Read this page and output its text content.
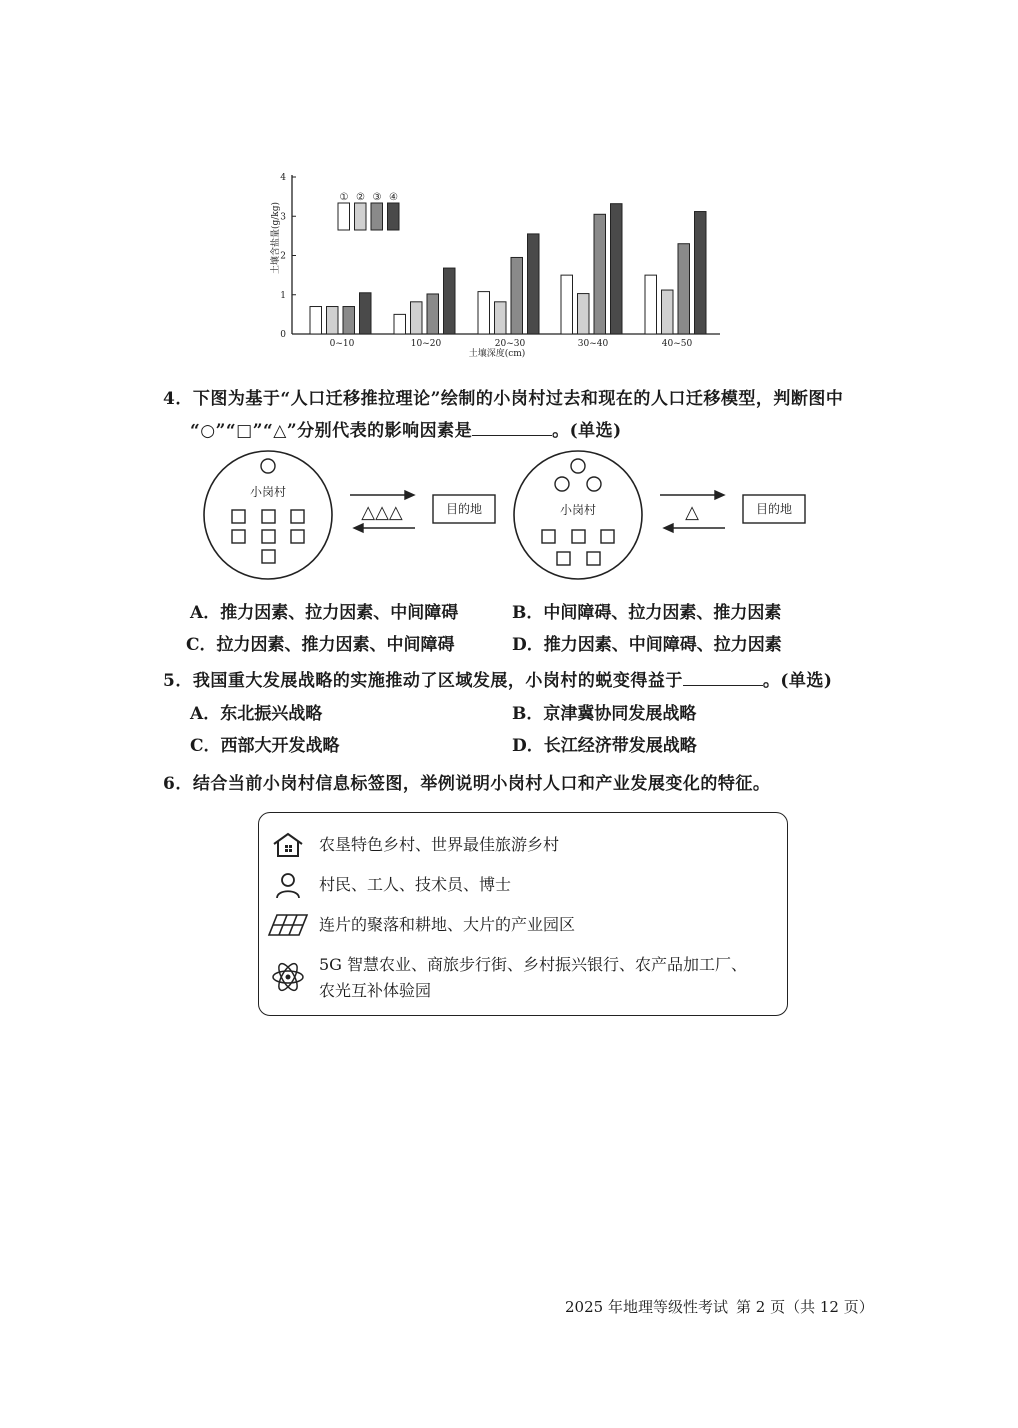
0
1
2
3
4
土壤含盐量(g/kg)
0~10	10~20	20~30	30~40	40~50
土壤深度(cm)
① ② ③ ④
4．下图为基于“人口迁移推拉理论”绘制的小岗村过去和现在的人口迁移模型，判断图中
“○”“□”“△”分别代表的影响因素是	。(单选)
小岗村
△△△	目的地	小岗村	△	目的地
A．推力因素、拉力因素、中间障碍	B．中间障碍、拉力因素、推力因素
C．拉力因素、推力因素、中间障碍	D．推力因素、中间障碍、拉力因素
5．我国重大发展战略的实施推动了区域发展，小岗村的蜕变得益于	。(单选)
A．东北振兴战略	B．京津冀协同发展战略
C．西部大开发战略	D．长江经济带发展战略
6．结合当前小岗村信息标签图，举例说明小岗村人口和产业发展变化的特征。
农垦特色乡村、世界最佳旅游乡村
村民、工人、技术员、博士
连片的聚落和耕地、大片的产业园区
5G 智慧农业、商旅步行街、乡村振兴银行、农产品加工厂、
农光互补体验园
2025 年地理等级性考试 第 2 页（共 12 页）
